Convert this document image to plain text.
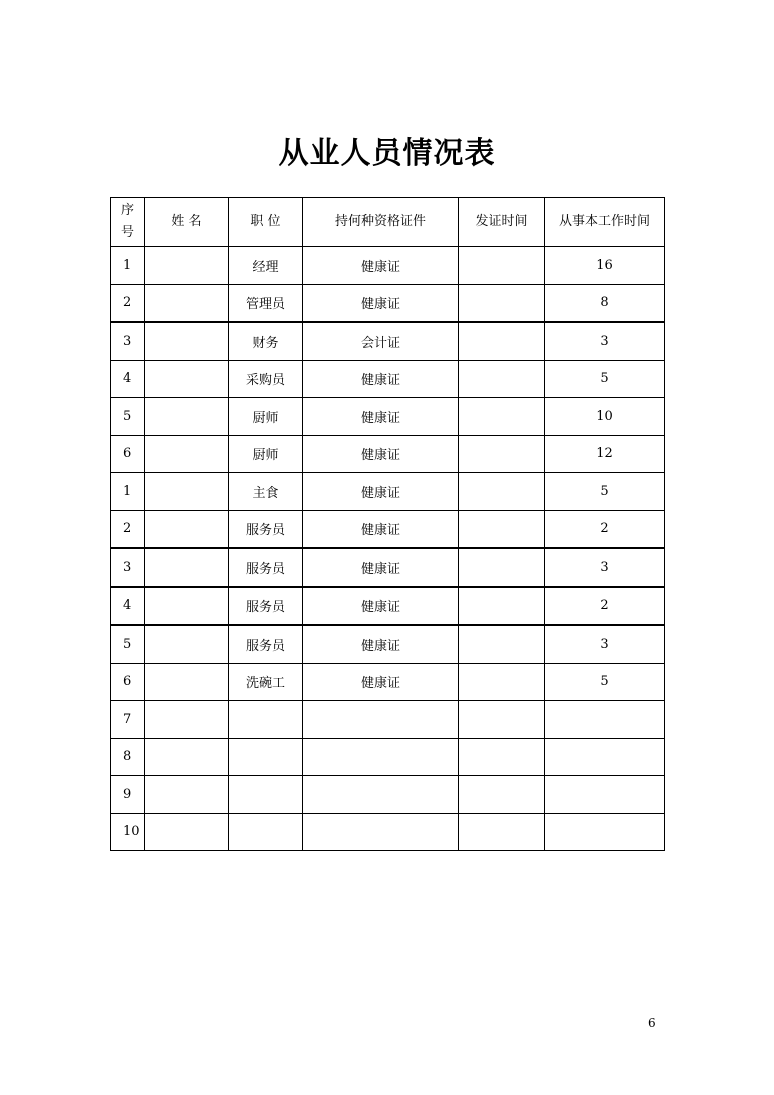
从业人员情况表
序号	姓 名	职 位	持何种资格证件	发证时间	从事本工作时间
1		经理	健康证		16
2		管理员	健康证		8
3		财务	会计证		3
4		采购员	健康证		5
5		厨师	健康证		10
6		厨师	健康证		12
1		主食	健康证		5
2		服务员	健康证		2
3		服务员	健康证		3
4		服务员	健康证		2
5		服务员	健康证		3
6		洗碗工	健康证		5
7					
8					
9					
10					
6
